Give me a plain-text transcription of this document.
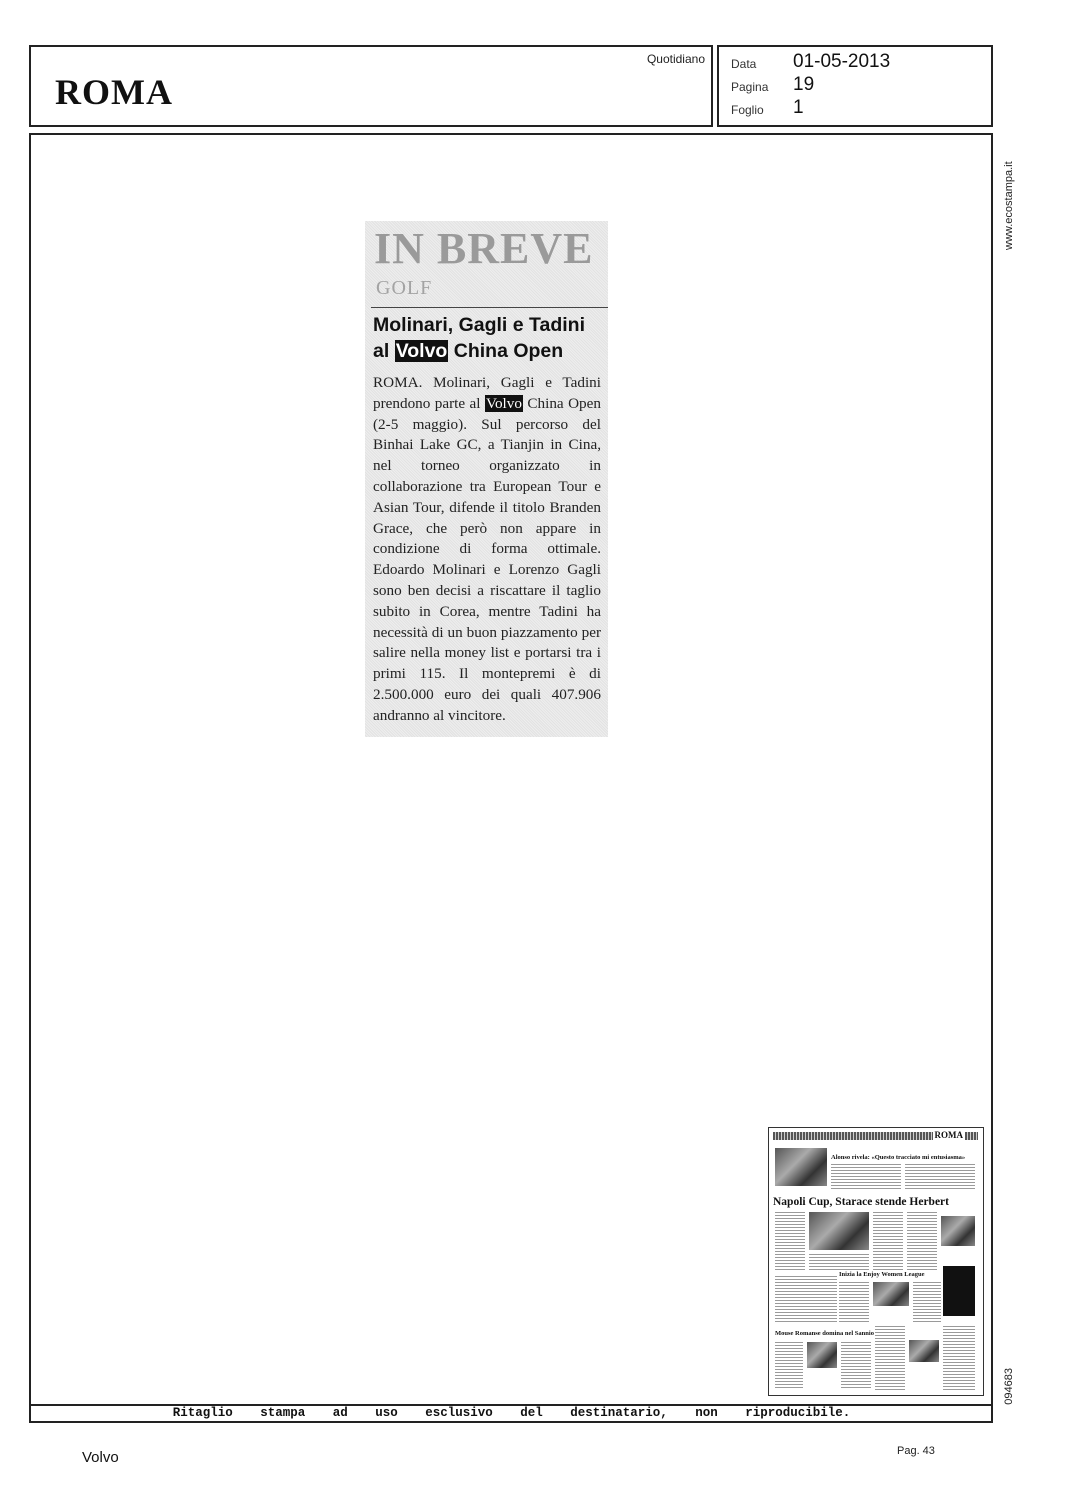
ROMA
Quotidiano Data 01-05-2013
Pagina 19
Foglio 1
Ritaglio stampa ad uso esclusivo del destinatario, non riproducibile.
www.ecostampa.it
094683
IN BREVE
GOLF
Molinari, Gagli e Tadini al Volvo China Open
ROMA. Molinari, Gagli e Tadini prendono parte al Volvo China Open (2-5 maggio). Sul percorso del Binhai Lake GC, a Tianjin in Cina, nel torneo organizzato in collaborazione tra European Tour e Asian Tour, difende il titolo Branden Grace, che però non appare in condizione di forma ottimale. Edoardo Molinari e Lorenzo Gagli sono ben decisi a riscattare il taglio subito in Corea, mentre Tadini ha necessità di un buon piazzamento per salire nella money list e portarsi tra i primi 115. Il montepremi è di 2.500.000 euro dei quali 407.906 andranno al vincitore.
ROMA
Alonso rivela: «Questo tracciato mi entusiasma»
Napoli Cup, Starace stende Herbert
Inizia la Enjoy Women League
Mouse Romanse domina nel Sannio
Volvo	Pag. 43
